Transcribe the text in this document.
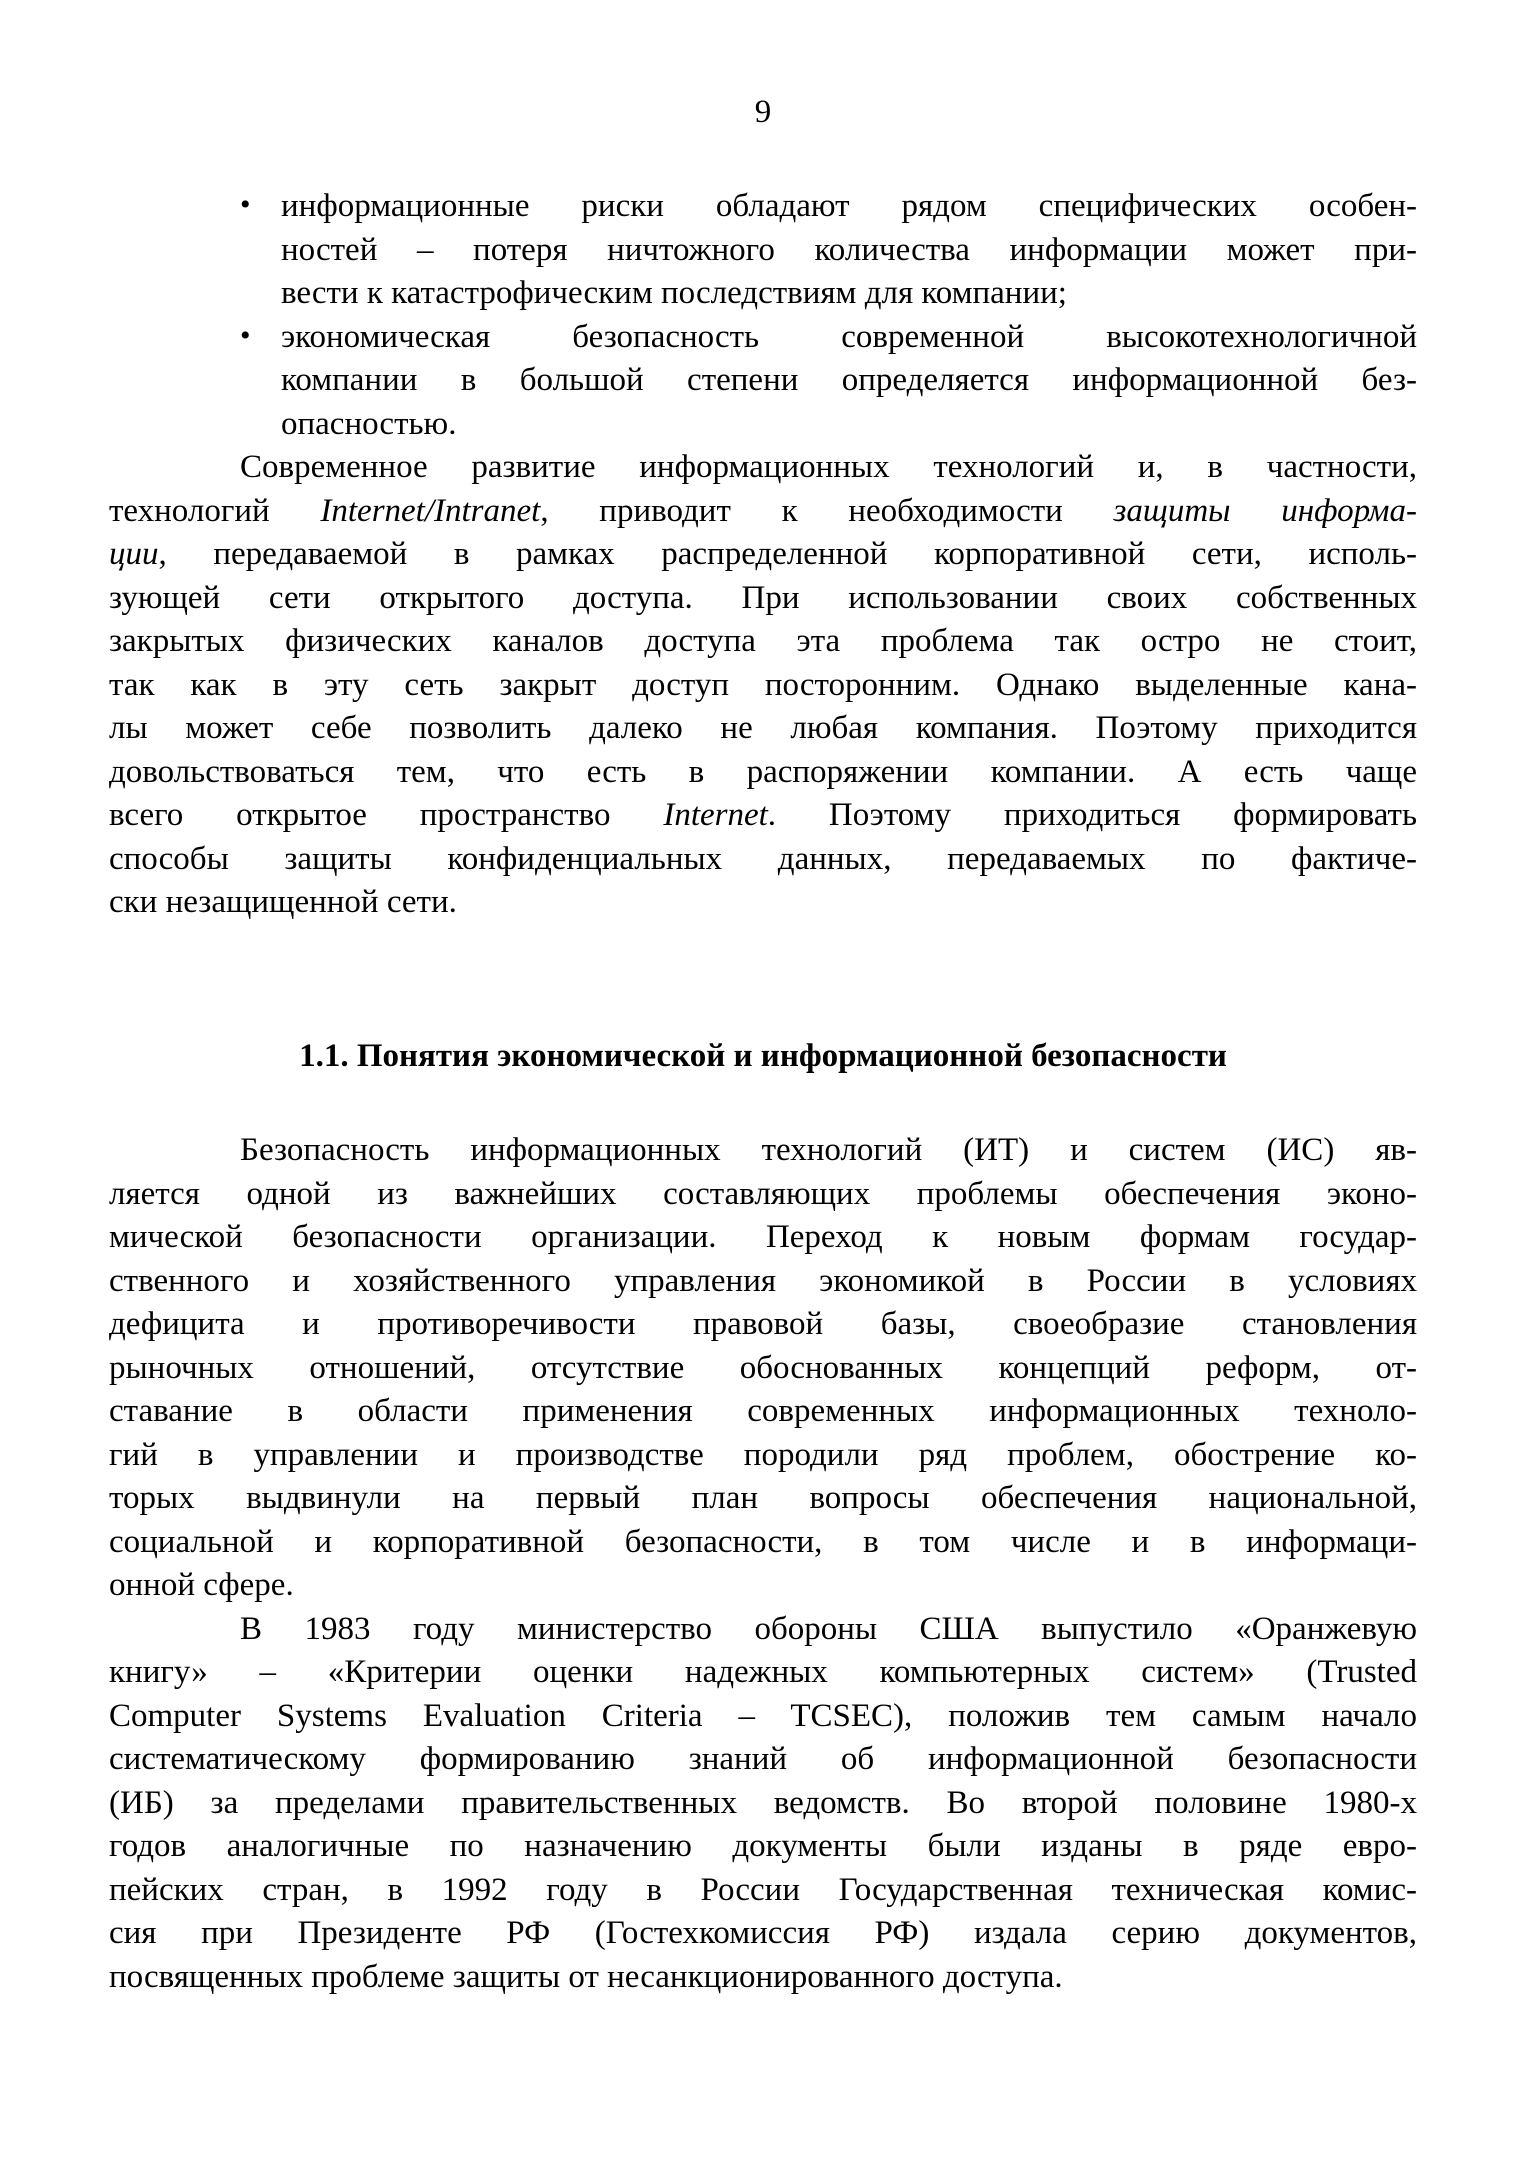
9
• информационные риски обладают рядом специфических особен-
ностей – потеря ничтожного количества информации может при-
вести к катастрофическим последствиям для компании;
• экономическая безопасность современной высокотехнологичной
компании в большой степени определяется информационной без-
опасностью.
Современное развитие информационных технологий и, в частности,
технологий Internet/Intranet, приводит к необходимости защиты информа-
ции, передаваемой в рамках распределенной корпоративной сети, исполь-
зующей сети открытого доступа. При использовании своих собственных
закрытых физических каналов доступа эта проблема так остро не стоит,
так как в эту сеть закрыт доступ посторонним. Однако выделенные кана-
лы может себе позволить далеко не любая компания. Поэтому приходится
довольствоваться тем, что есть в распоряжении компании. А есть чаще
всего открытое пространство Internet. Поэтому приходиться формировать
способы защиты конфиденциальных данных, передаваемых по фактиче-
ски незащищенной сети.
1.1. Понятия экономической и информационной безопасности
Безопасность информационных технологий (ИТ) и систем (ИС) яв-
ляется одной из важнейших составляющих проблемы обеспечения эконо-
мической безопасности организации. Переход к новым формам государ-
ственного и хозяйственного управления экономикой в России в условиях
дефицита и противоречивости правовой базы, своеобразие становления
рыночных отношений, отсутствие обоснованных концепций реформ, от-
ставание в области применения современных информационных техноло-
гий в управлении и производстве породили ряд проблем, обострение ко-
торых выдвинули на первый план вопросы обеспечения национальной,
социальной и корпоративной безопасности, в том числе и в информаци-
онной сфере.
В 1983 году министерство обороны США выпустило «Оранжевую
книгу» – «Критерии оценки надежных компьютерных систем» (Trusted
Computer Systems Evaluation Criteria – TCSEC), положив тем самым начало
систематическому формированию знаний об информационной безопасности
(ИБ) за пределами правительственных ведомств. Во второй половине 1980-х
годов аналогичные по назначению документы были изданы в ряде евро-
пейских стран, в 1992 году в России Государственная техническая комис-
сия при Президенте РФ (Гостехкомиссия РФ) издала серию документов,
посвященных проблеме защиты от несанкционированного доступа.
